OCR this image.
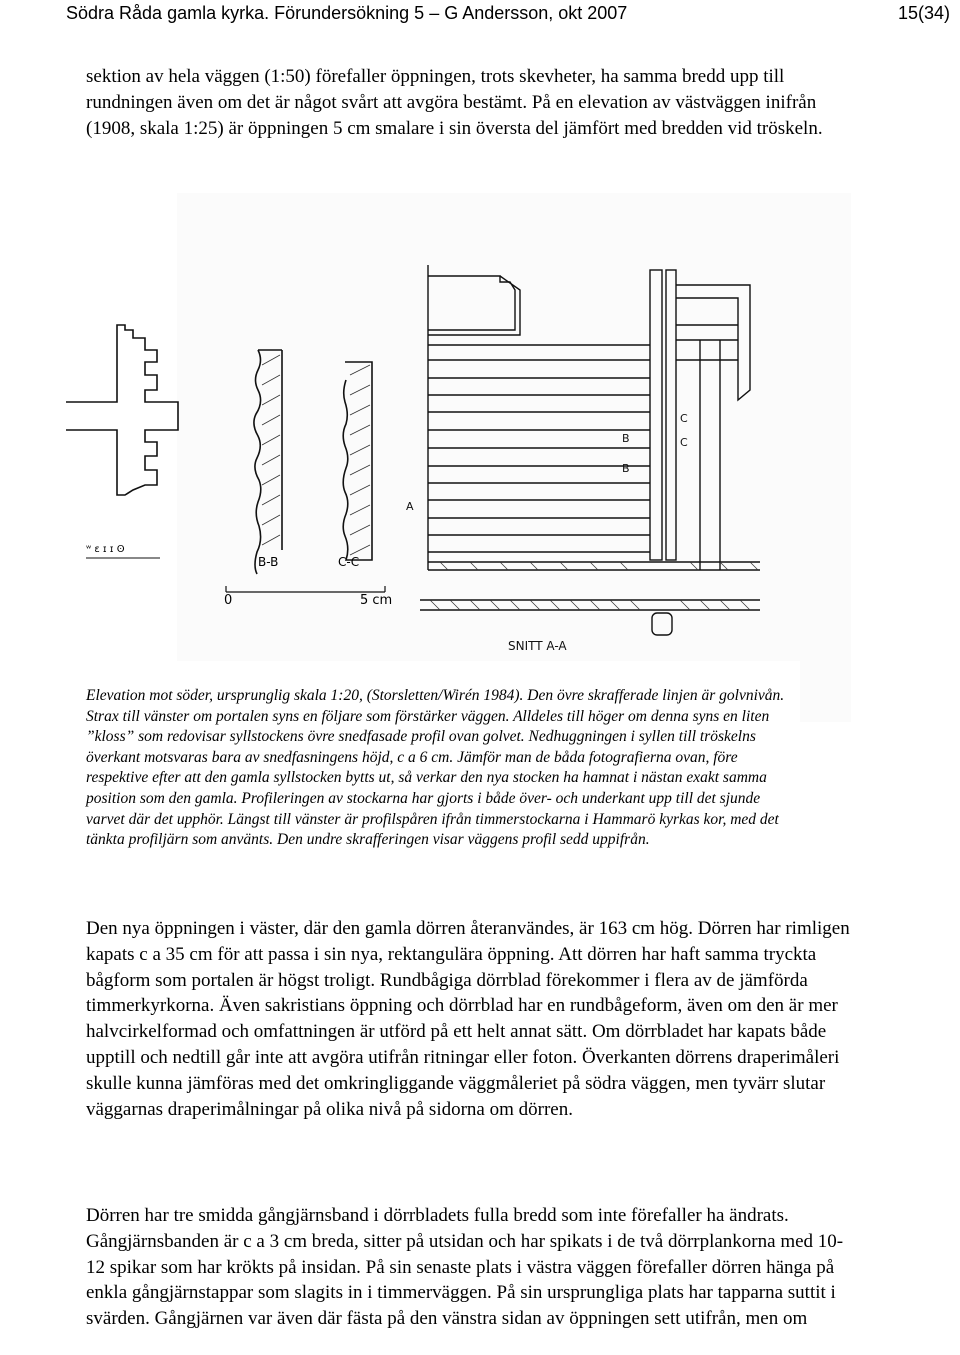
Södra Råda gamla kyrka. Förundersökning 5 – G Andersson, okt 2007	15(34)

sektion av hela väggen (1:50) förefaller öppningen, trots skevheter, ha samma bredd upp till rundningen även om det är något svårt att avgöra bestämt. På en elevation av västväggen inifrån (1908, skala 1:25) är öppningen 5 cm smalare i sin översta del jämfört med bredden vid tröskeln.

ʷ ε ɪ ɪ ʘ
B-B	C-C
0	5 cm
A
B
B
C
C
SNITT A-A

Elevation mot söder, ursprunglig skala 1:20, (Storsletten/Wirén 1984). Den övre skrafferade linjen är golvnivån. Strax till vänster om portalen syns en följare som förstärker väggen. Alldeles till höger om denna syns en liten ”kloss” som redovisar syllstockens övre snedfasade profil ovan golvet. Nedhuggningen i syllen till tröskelns överkant motsvaras bara av snedfasningens höjd, c a 6 cm. Jämför man de båda fotografierna ovan, före respektive efter att den gamla syllstocken bytts ut, så verkar den nya stocken ha hamnat i nästan exakt samma position som den gamla. Profileringen av stockarna har gjorts i både över- och underkant upp till det sjunde varvet där det upphör. Längst till vänster är profilspåren ifrån timmerstockarna i Hammarö kyrkas kor, med det tänkta profiljärn som använts. Den undre skrafferingen visar väggens profil sedd uppifrån.

Den nya öppningen i väster, där den gamla dörren återanvändes, är 163 cm hög. Dörren har rimligen kapats c a 35 cm för att passa i sin nya, rektangulära öppning. Att dörren har haft samma tryckta bågform som portalen är högst troligt. Rundbågiga dörrblad förekommer i flera av de jämförda timmerkyrkorna. Även sakristians öppning och dörrblad har en rundbågeform, även om den är mer halvcirkelformad och omfattningen är utförd på ett helt annat sätt. Om dörrbladet har kapats både upptill och nedtill går inte att avgöra utifrån ritningar eller foton. Överkanten dörrens draperimåleri skulle kunna jämföras med det omkringliggande väggmåleriet på södra väggen, men tyvärr slutar väggarnas draperimålningar på olika nivå på sidorna om dörren.

Dörren har tre smidda gångjärnsband i dörrbladets fulla bredd som inte förefaller ha ändrats. Gångjärnsbanden är c a 3 cm breda, sitter på utsidan och har spikats i de två dörrplankorna med 10-12 spikar som har krökts på insidan. På sin senaste plats i västra väggen förefaller dörren hänga på enkla gångjärnstappar som slagits in i timmerväggen. På sin ursprungliga plats har tapparna suttit i svärden. Gångjärnen var även där fästa på den vänstra sidan av öppningen sett utifrån, men om
